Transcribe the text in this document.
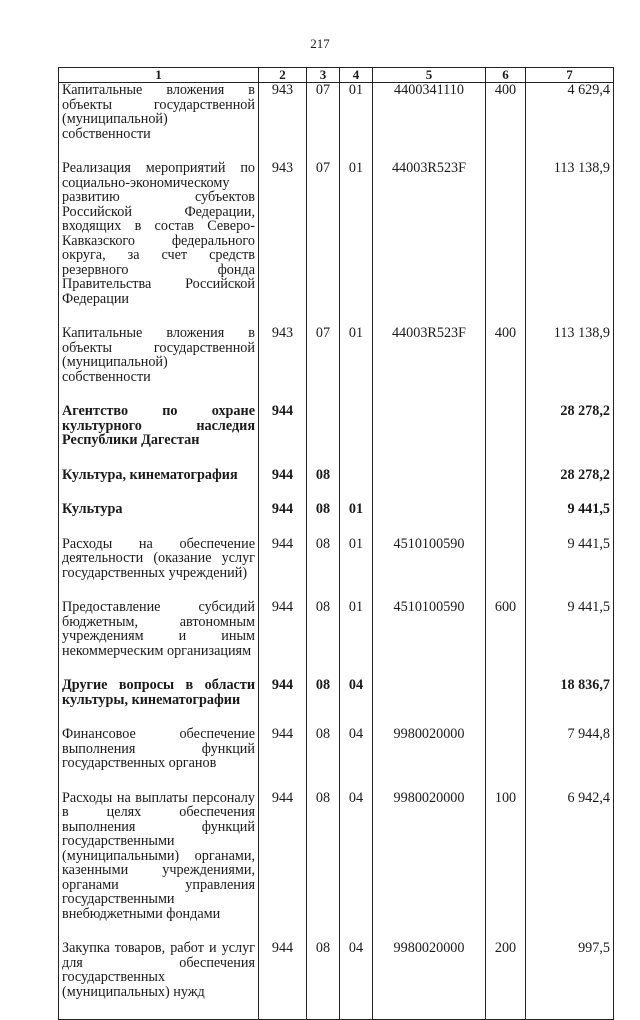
217
1	2	3	4	5	6	7
Капитальные вложения в объекты государственной (муниципальной) собственности	943	07	01	4400341110	400	4 629,4
Реализация мероприятий по социально-экономическому развитию субъектов Российской Федерации, входящих в состав Северо-Кавказского федерального округа, за счет средств резервного фонда Правительства Российской Федерации	943	07	01	44003R523F		113 138,9
Капитальные вложения в объекты государственной (муниципальной) собственности	943	07	01	44003R523F	400	113 138,9
Агентство по охране культурного наследия Республики Дагестан	944					28 278,2
Культура, кинематография	944	08				28 278,2
Культура	944	08	01			9 441,5
Расходы на обеспечение деятельности (оказание услуг государственных учреждений)	944	08	01	4510100590		9 441,5
Предоставление субсидий бюджетным, автономным учреждениям и иным некоммерческим организациям	944	08	01	4510100590	600	9 441,5
Другие вопросы в области культуры, кинематографии	944	08	04			18 836,7
Финансовое обеспечение выполнения функций государственных органов	944	08	04	9980020000		7 944,8
Расходы на выплаты персоналу в целях обеспечения выполнения функций государственными (муниципальными) органами, казенными учреждениями, органами управления государственными внебюджетными фондами	944	08	04	9980020000	100	6 942,4
Закупка товаров, работ и услуг для обеспечения государственных (муниципальных) нужд	944	08	04	9980020000	200	997,5
